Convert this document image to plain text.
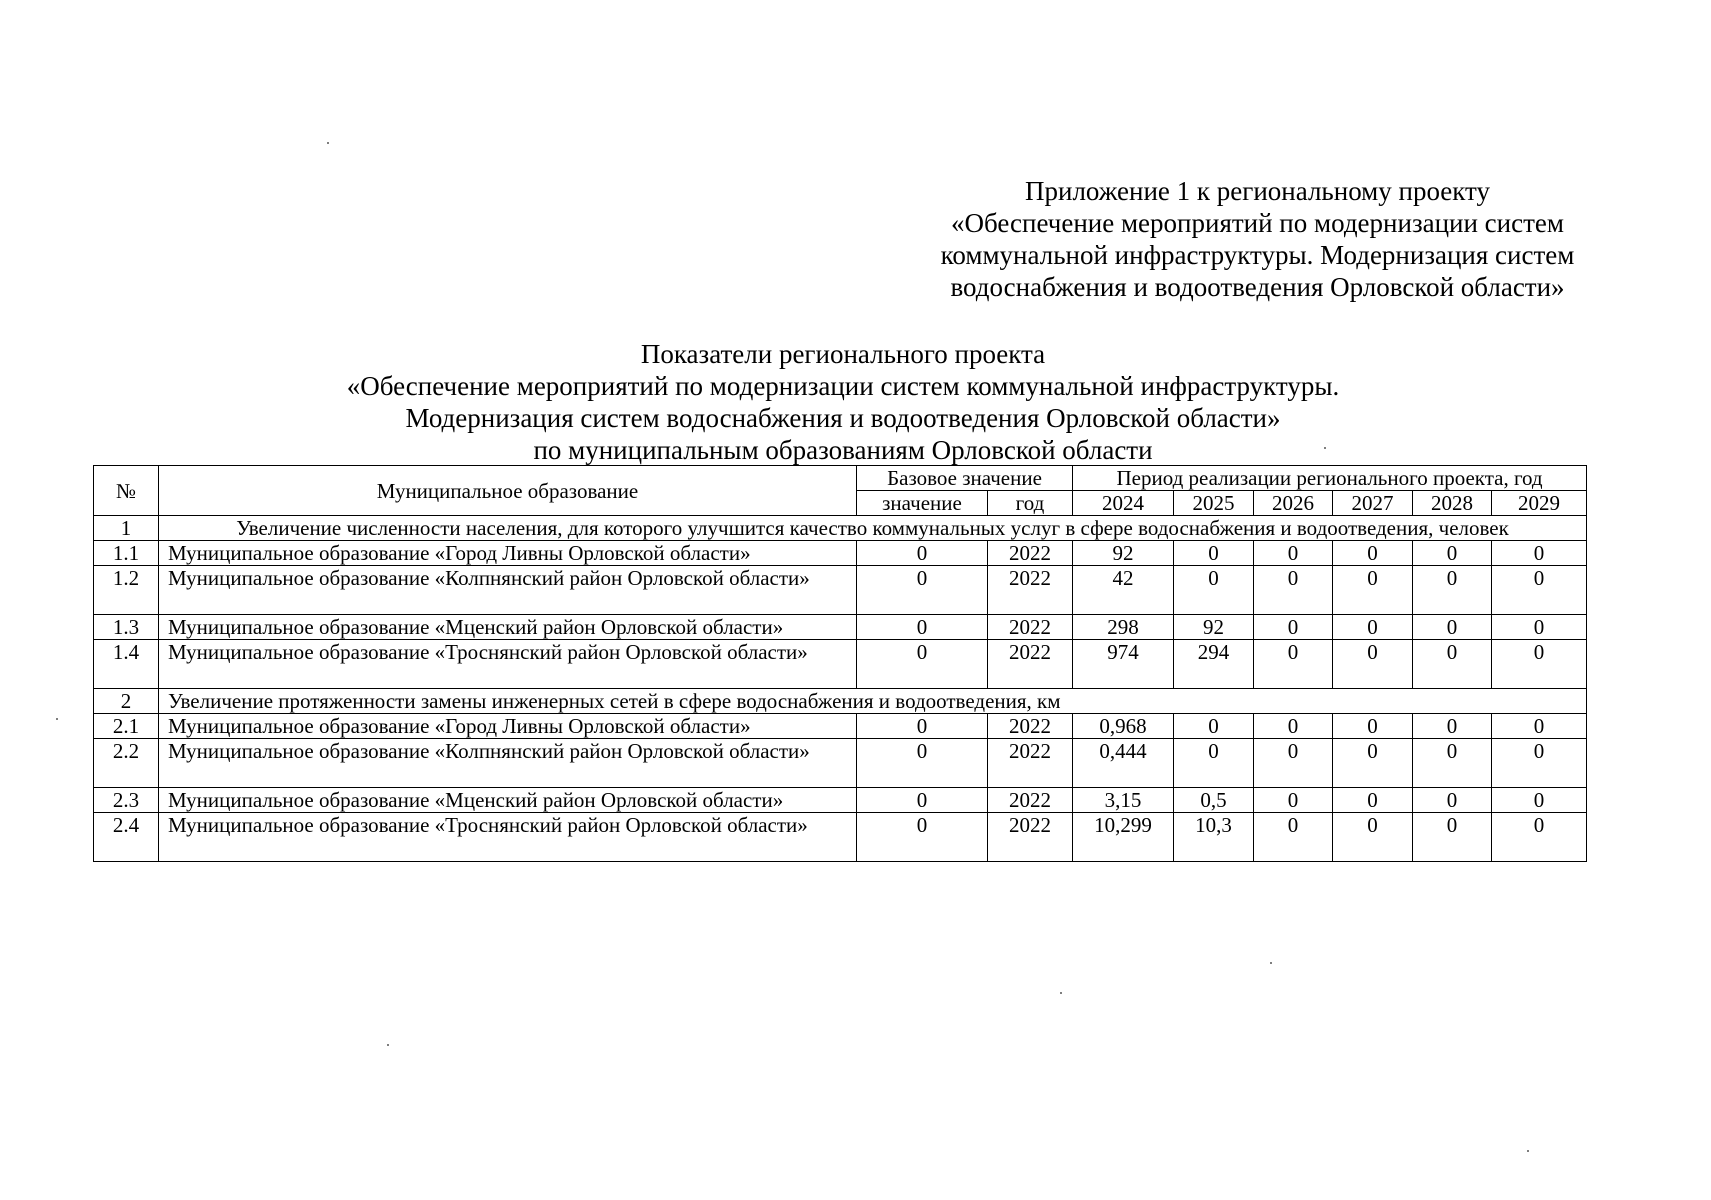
Приложение 1 к региональному проекту
«Обеспечение мероприятий по модернизации систем
коммунальной инфраструктуры. Модернизация систем
водоснабжения и водоотведения Орловской области»
Показатели регионального проекта
«Обеспечение мероприятий по модернизации систем коммунальной инфраструктуры.
Модернизация систем водоснабжения и водоотведения Орловской области»
по муниципальным образованиям Орловской области
№	Муниципальное образование	Базовое значение		Период реализации регионального проекта, год					
		значение	год	2024	2025	2026	2027	2028	2029
1	Увеличение численности населения, для которого улучшится качество коммунальных услуг в сфере водоснабжения и водоотведения, человек								
1.1	Муниципальное образование «Город Ливны Орловской области»	0	2022	92	0	0	0	0	0
1.2	Муниципальное образование «Колпнянский район Орловской области»	0	2022	42	0	0	0	0	0
1.3	Муниципальное образование «Мценский район Орловской области»	0	2022	298	92	0	0	0	0
1.4	Муниципальное образование «Троснянский район Орловской области»	0	2022	974	294	0	0	0	0
2	Увеличение протяженности замены инженерных сетей в сфере водоснабжения и водоотведения, км								
2.1	Муниципальное образование «Город Ливны Орловской области»	0	2022	0,968	0	0	0	0	0
2.2	Муниципальное образование «Колпнянский район Орловской области»	0	2022	0,444	0	0	0	0	0
2.3	Муниципальное образование «Мценский район Орловской области»	0	2022	3,15	0,5	0	0	0	0
2.4	Муниципальное образование «Троснянский район Орловской области»	0	2022	10,299	10,3	0	0	0	0
